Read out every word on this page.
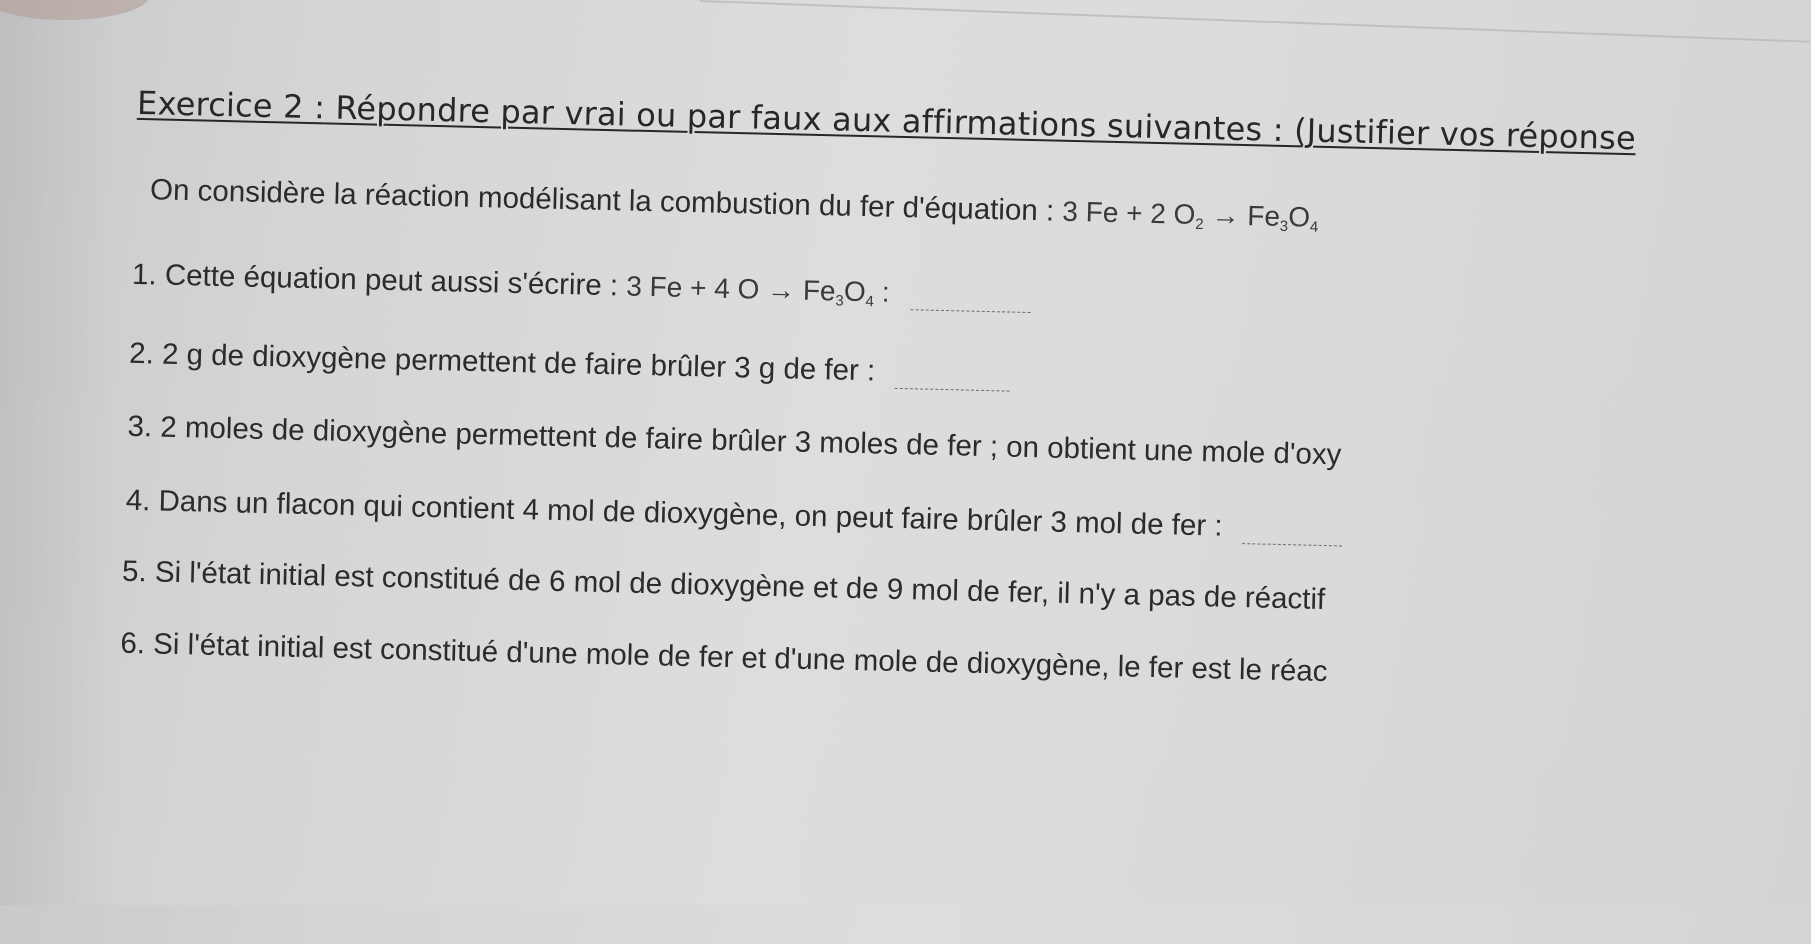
Exercice 2 : Répondre par vrai ou par faux aux affirmations suivantes : (Justifier vos réponse
On considère la réaction modélisant la combustion du fer d'équation : 3 Fe + 2 $O_2 \to Fe_3O_4$
1. Cette équation peut aussi s'écrire : 3 Fe + 4 $O \to Fe_3O_4$ :
2. 2 g de dioxygène permettent de faire brûler 3 g de fer :
3. 2 moles de dioxygène permettent de faire brûler 3 moles de fer ; on obtient une mole d'oxy
4. Dans un flacon qui contient 4 mol de dioxygène, on peut faire brûler 3 mol de fer :
5. Si l'état initial est constitué de 6 mol de dioxygène et de 9 mol de fer, il n'y a pas de réactif
6. Si l'état initial est constitué d'une mole de fer et d'une mole de dioxygène, le fer est le réac
